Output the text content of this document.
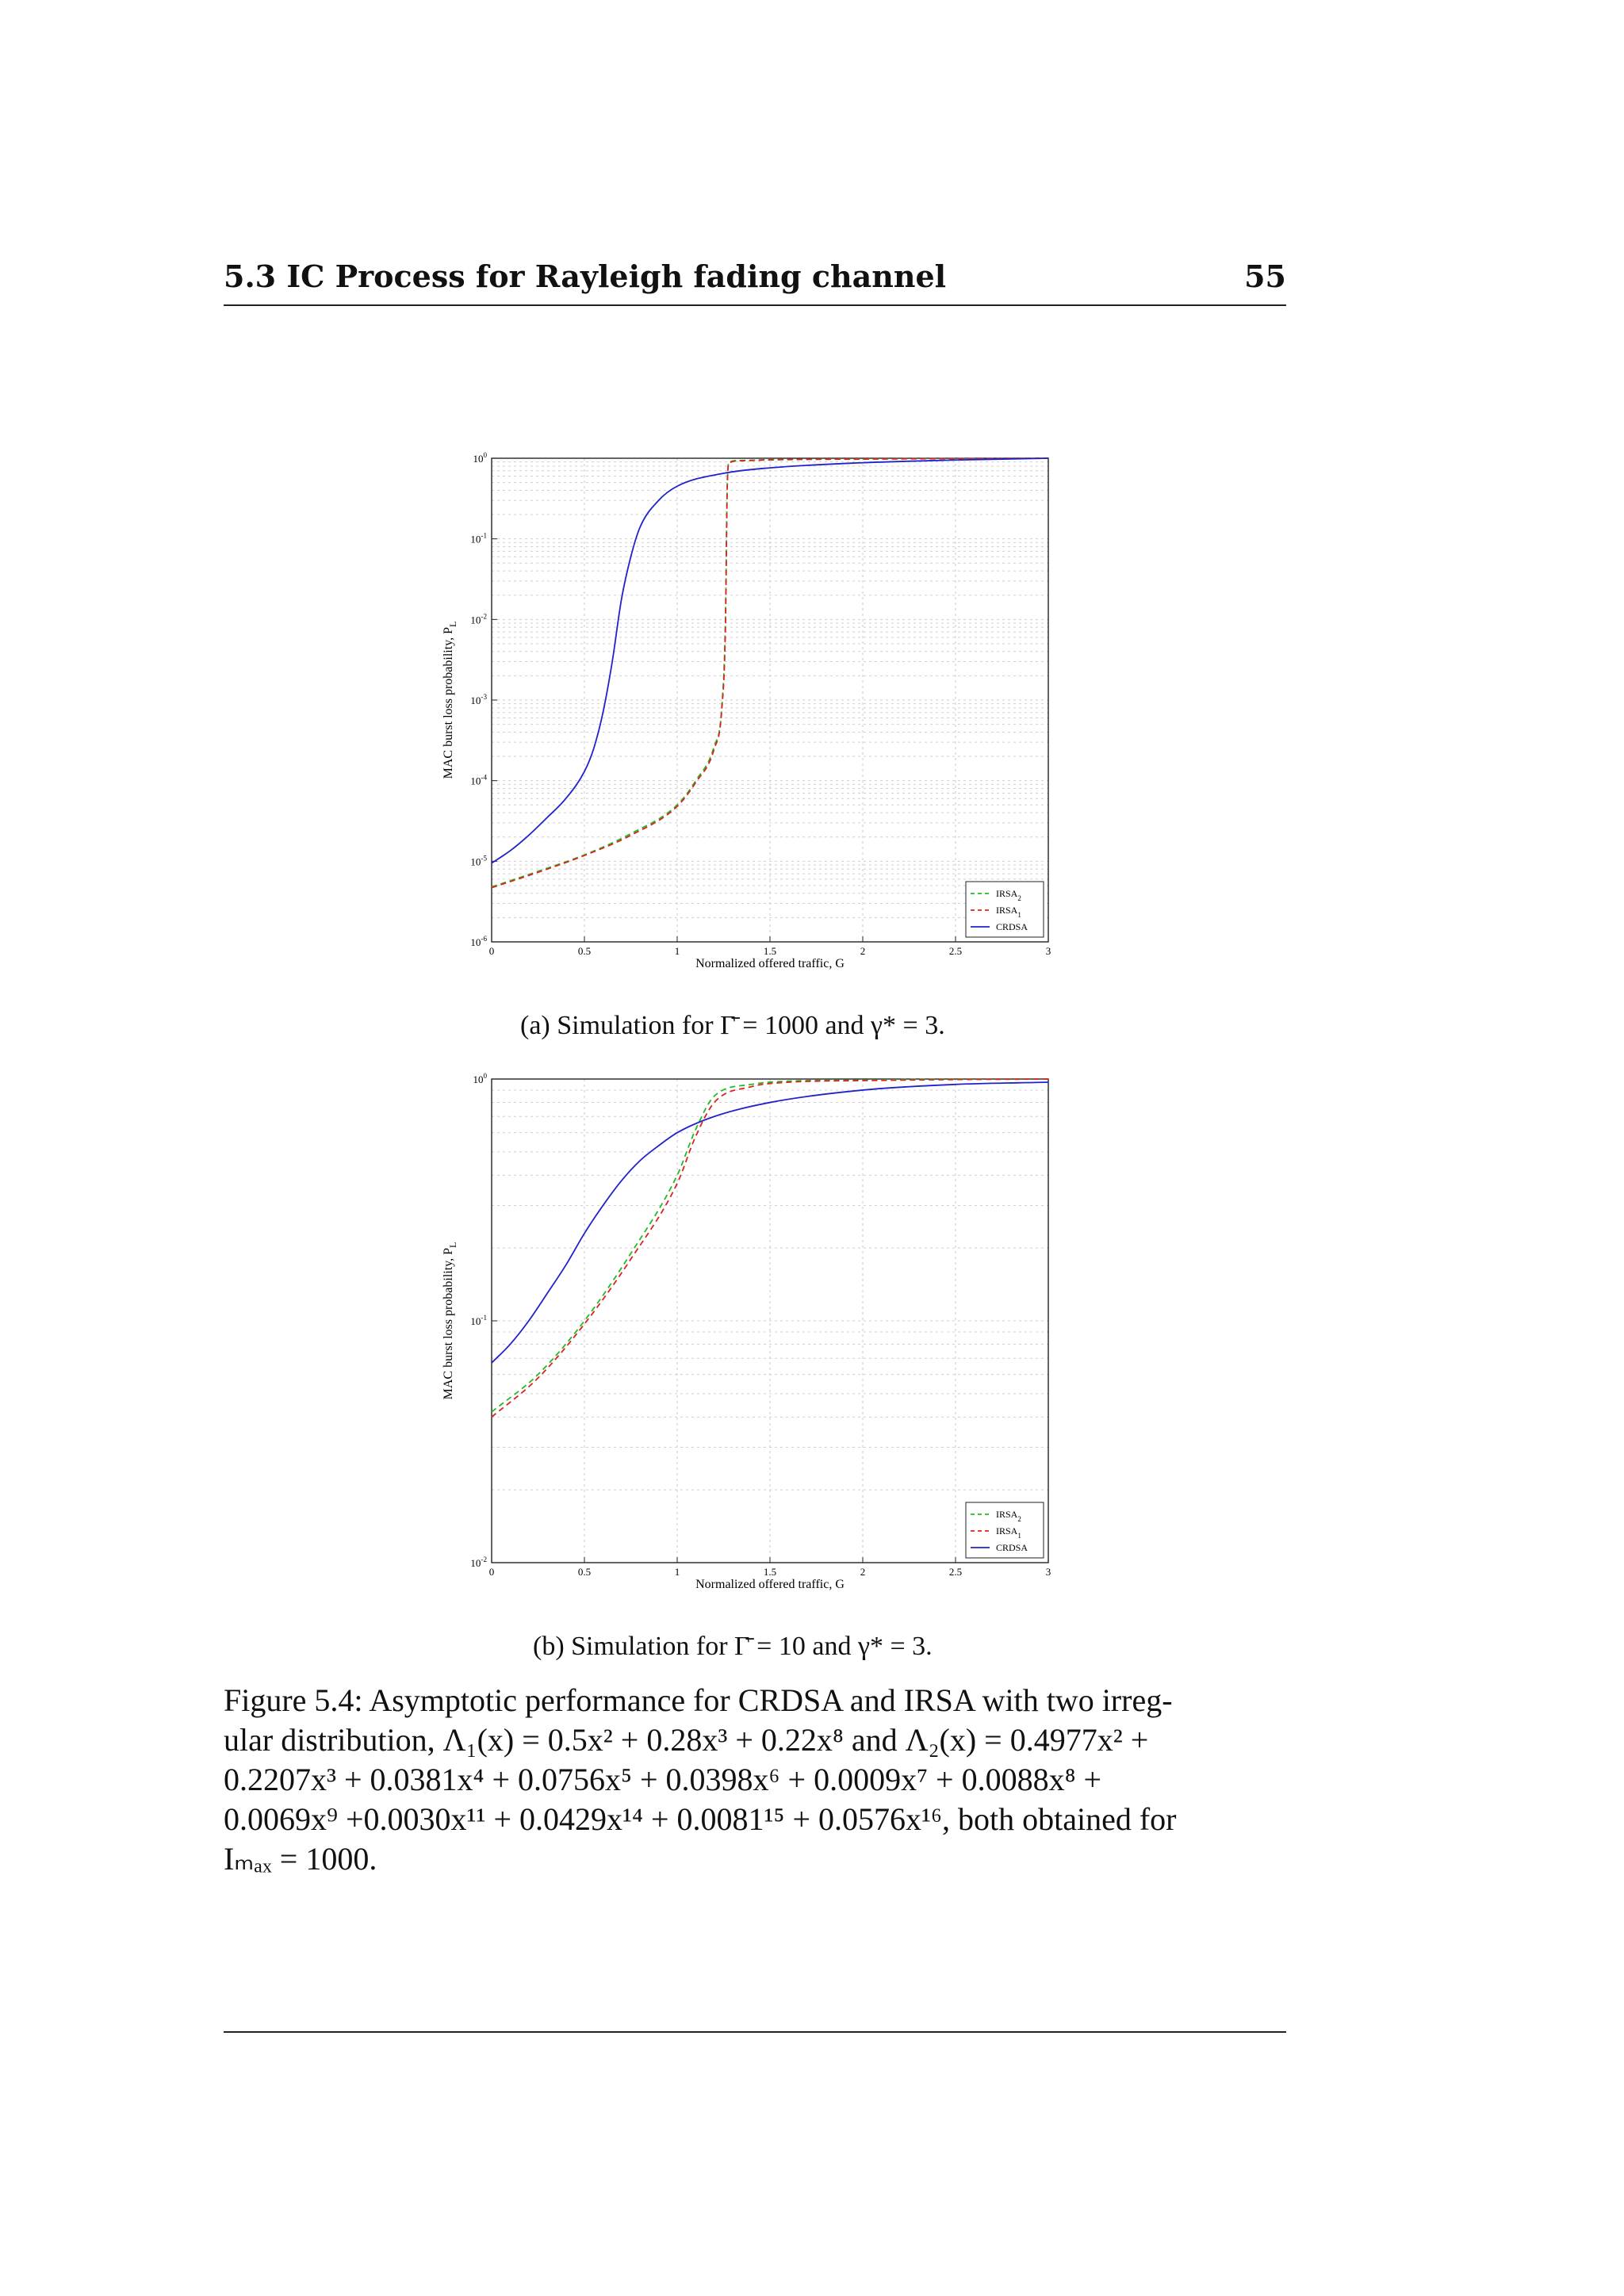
5.3 IC Process for Rayleigh fading channel	55
0	0.5	1	1.5	2	2.5	3
$10^0$
$10^{-1}$
$10^{-2}$
$10^{-3}$
$10^{-4}$
$10^{-5}$
$10^{-6}$
Normalized offered traffic, G
MAC burst loss probability, $P_L$
$IRSA_2$
$IRSA_1$
CRDSA
(a) Simulation for Γ̄ = 1000 and γ* = 3.
0	0.5	1	1.5	2	2.5	3
$10^0$
$10^{-1}$
$10^{-2}$
Normalized offered traffic, G
MAC burst loss probability, $P_L$
$IRSA_2$
$IRSA_1$
CRDSA
(b) Simulation for Γ̄ = 10 and γ* = 3.
Figure 5.4: Asymptotic performance for CRDSA and IRSA with two irreg-
ular distribution, Λ₁(x) = 0.5x² + 0.28x³ + 0.22x⁸ and Λ₂(x) = 0.4977x² +
0.2207x³ + 0.0381x⁴ + 0.0756x⁵ + 0.0398x⁶ + 0.0009x⁷ + 0.0088x⁸ +
0.0069x⁹ +0.0030x¹¹ + 0.0429x¹⁴ + 0.0081¹⁵ + 0.0576x¹⁶, both obtained for
Iₘₐₓ = 1000.
